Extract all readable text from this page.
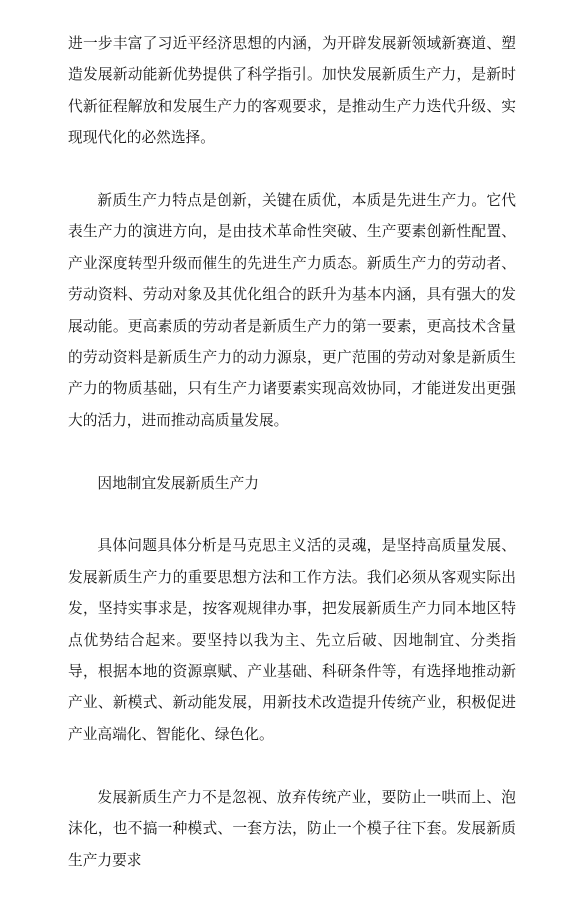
进一步丰富了习近平经济思想的内涵，为开辟发展新领域新赛道、塑造发展新动能新优势提供了科学指引。加快发展新质生产力，是新时代新征程解放和发展生产力的客观要求，是推动生产力迭代升级、实现现代化的必然选择。

新质生产力特点是创新，关键在质优，本质是先进生产力。它代表生产力的演进方向，是由技术革命性突破、生产要素创新性配置、产业深度转型升级而催生的先进生产力质态。新质生产力的劳动者、劳动资料、劳动对象及其优化组合的跃升为基本内涵，具有强大的发展动能。更高素质的劳动者是新质生产力的第一要素，更高技术含量的劳动资料是新质生产力的动力源泉，更广范围的劳动对象是新质生产力的物质基础，只有生产力诸要素实现高效协同，才能迸发出更强大的活力，进而推动高质量发展。

因地制宜发展新质生产力

具体问题具体分析是马克思主义活的灵魂，是坚持高质量发展、发展新质生产力的重要思想方法和工作方法。我们必须从客观实际出发，坚持实事求是，按客观规律办事，把发展新质生产力同本地区特点优势结合起来。要坚持以我为主、先立后破、因地制宜、分类指导，根据本地的资源禀赋、产业基础、科研条件等，有选择地推动新产业、新模式、新动能发展，用新技术改造提升传统产业，积极促进产业高端化、智能化、绿色化。

发展新质生产力不是忽视、放弃传统产业，要防止一哄而上、泡沫化，也不搞一种模式、一套方法，防止一个模子往下套。发展新质生产力要求
